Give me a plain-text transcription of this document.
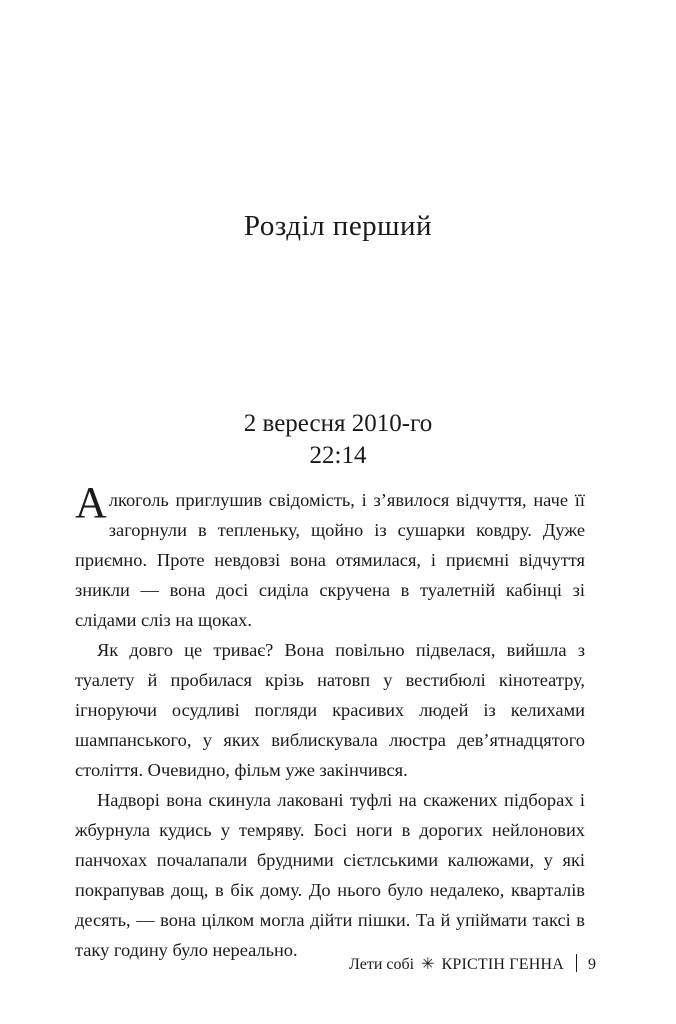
Розділ перший
2 вересня 2010-го
22:14

Алкоголь приглушив свідомість, і з’явилося відчуття, наче її загорнули в тепленьку, щойно із сушарки ковдру. Дуже приємно. Проте невдовзі вона отямилася, і приємні відчуття зникли — вона досі сиділа скручена в туалетній кабінці зі слідами сліз на щоках.

Як довго це триває? Вона повільно підвелася, вийшла з туалету й пробилася крізь натовп у вестибюлі кінотеатру, ігноруючи осудливі погляди красивих людей із келихами шампанського, у яких виблискувала люстра дев’ятнадцятого століття. Очевидно, фільм уже закінчився.

Надворі вона скинула лаковані туфлі на скажених підборах і жбурнула кудись у темряву. Босі ноги в дорогих нейлонових панчохах почалапали брудними сієтлськими калюжами, у які покрапував дощ, в бік дому. До нього було недалеко, кварталів десять, — вона цілком могла дійти пішки. Та й упіймати таксі в таку годину було нереально.

Лети собі ✳ КРІСТІН ГЕННА 9
